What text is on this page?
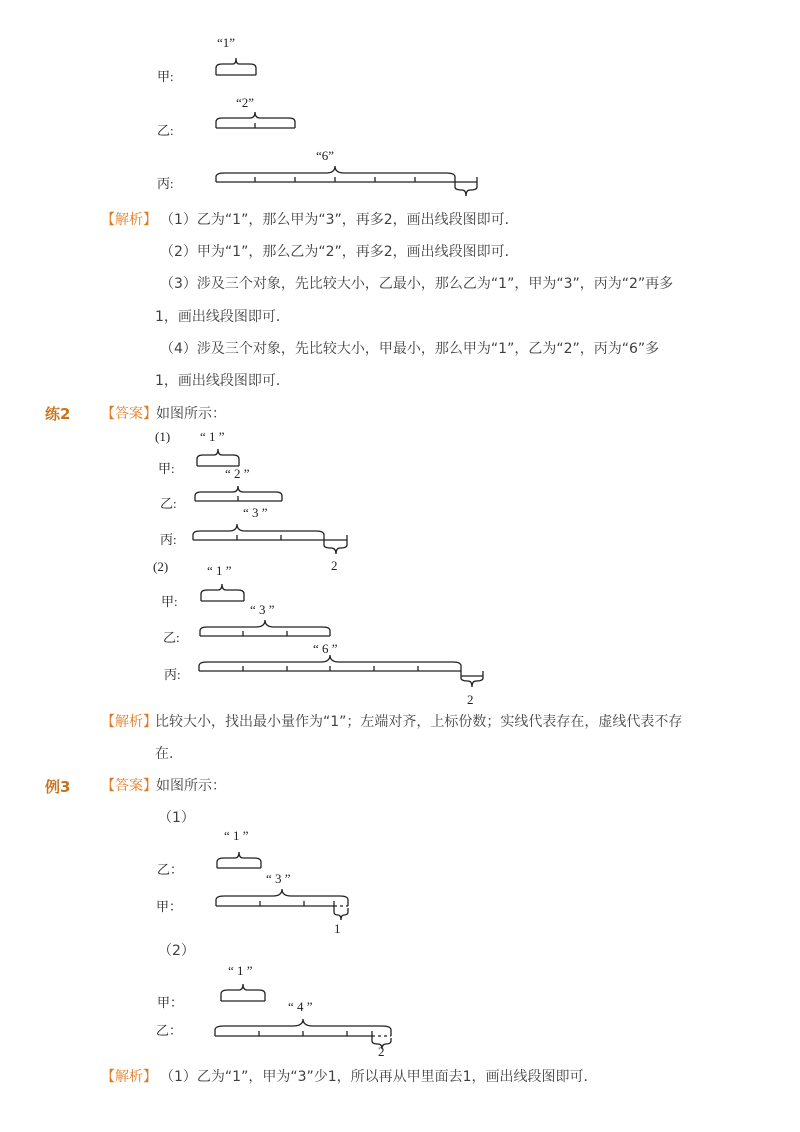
“1”
甲:
“2”
乙:
“6”
丙:
【解析】 （1）乙为“1”，那么甲为“3”，再多2，画出线段图即可．
（2）甲为“1”，那么乙为“2”，再多2，画出线段图即可．
（3）涉及三个对象，先比较大小，乙最小，那么乙为“1”，甲为“3”，丙为“2”再多
1，画出线段图即可．
（4）涉及三个对象，先比较大小，甲最小，那么甲为“1”，乙为“2”，丙为“6”多
1，画出线段图即可．
练2 【答案】 如图所示：
(1) “ 1 ”
甲:	“ 2 ”
乙:
“ 3 ”
丙:
2
(2)	“ 1 ”
甲:
“ 3 ”
乙:
“ 6 ”
丙:
2
【解析】
比较大小，找出最小量作为“1”；左端对齐，上标份数；实线代表存在，虚线代表不存
在．
例3 【答案】 如图所示：
（1）
“ 1 ”
乙：
“ 3 ”
甲：
1
（2）
“ 1 ”
甲：	“ 4 ”
乙：
2
【解析】 （1）乙为“1”，甲为“3”少1，所以再从甲里面去1，画出线段图即可．
